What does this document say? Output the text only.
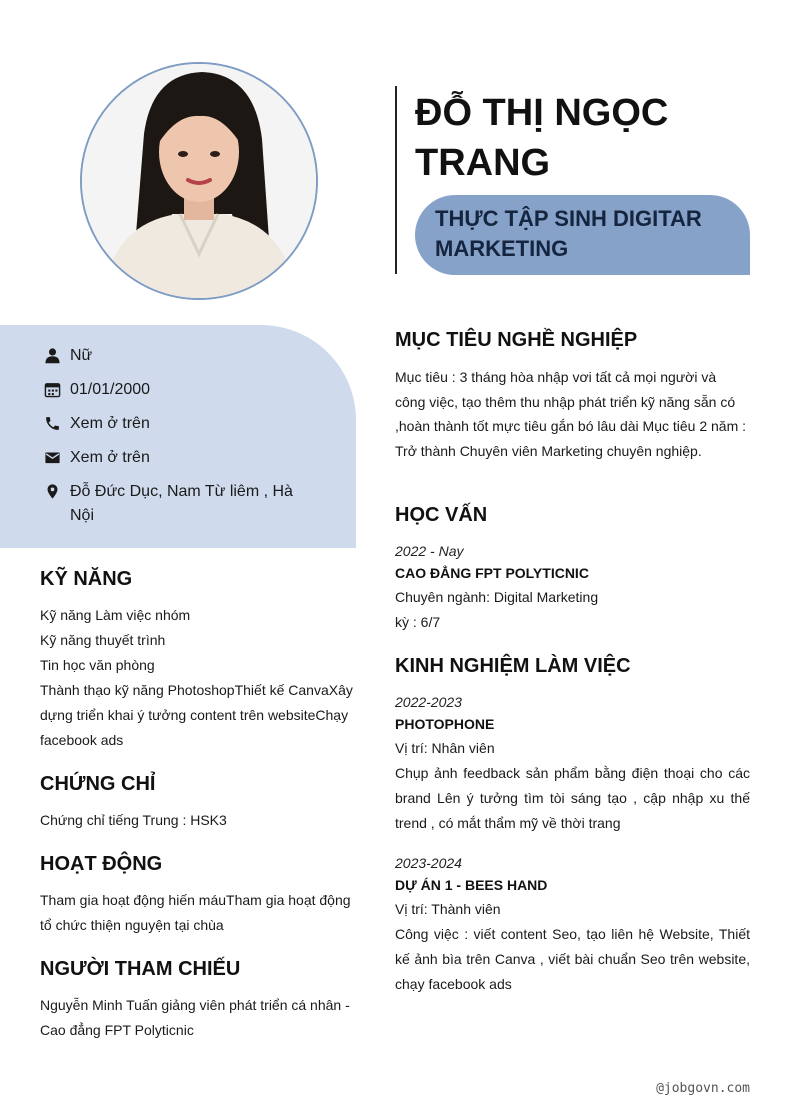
ĐỖ THỊ NGỌC TRANG
THỰC TẬP SINH DIGITAR MARKETING
Nữ
01/01/2000
Xem ở trên
Xem ở trên
Đỗ Đức Dục, Nam Từ liêm , Hà Nội
KỸ NĂNG
Kỹ năng Làm việc nhóm
Kỹ năng thuyết trình
Tin học văn phòng
Thành thạo kỹ năng PhotoshopThiết kế CanvaXây dựng triển khai ý tưởng content trên websiteChạy facebook ads
CHỨNG CHỈ
Chứng chỉ tiếng Trung : HSK3
HOẠT ĐỘNG
Tham gia hoạt động hiến máuTham gia hoạt động tổ chức thiện nguyện tại chùa
NGƯỜI THAM CHIẾU
Nguyễn Minh Tuấn giảng viên phát triển cá nhân - Cao đẳng FPT Polyticnic
MỤC TIÊU NGHỀ NGHIỆP
Mục tiêu : 3 tháng hòa nhập vơi tất cả mọi người và công việc, tạo thêm thu nhập phát triển kỹ năng sẵn có ,hoàn thành tốt mực tiêu gắn bó lâu dài Mục tiêu 2 năm : Trở thành Chuyên viên Marketing chuyên nghiệp.
HỌC VẤN
2022 - Nay
CAO ĐẲNG FPT POLYTICNIC
Chuyên ngành: Digital Marketing
kỳ : 6/7
KINH NGHIỆM LÀM VIỆC
2022-2023
PHOTOPHONE
Vị trí: Nhân viên
Chụp ảnh feedback sản phẩm bằng điện thoại cho các brand Lên ý tưởng tìm tòi sáng tạo , cập nhập xu thế trend , có mắt thẩm mỹ về thời trang
2023-2024
DỰ ÁN 1 - BEES HAND
Vị trí: Thành viên
Công việc : viết content Seo, tạo liên hệ Website, Thiết kế ảnh bìa trên Canva , viết bài chuẩn Seo trên website, chạy facebook ads
@jobgovn.com
